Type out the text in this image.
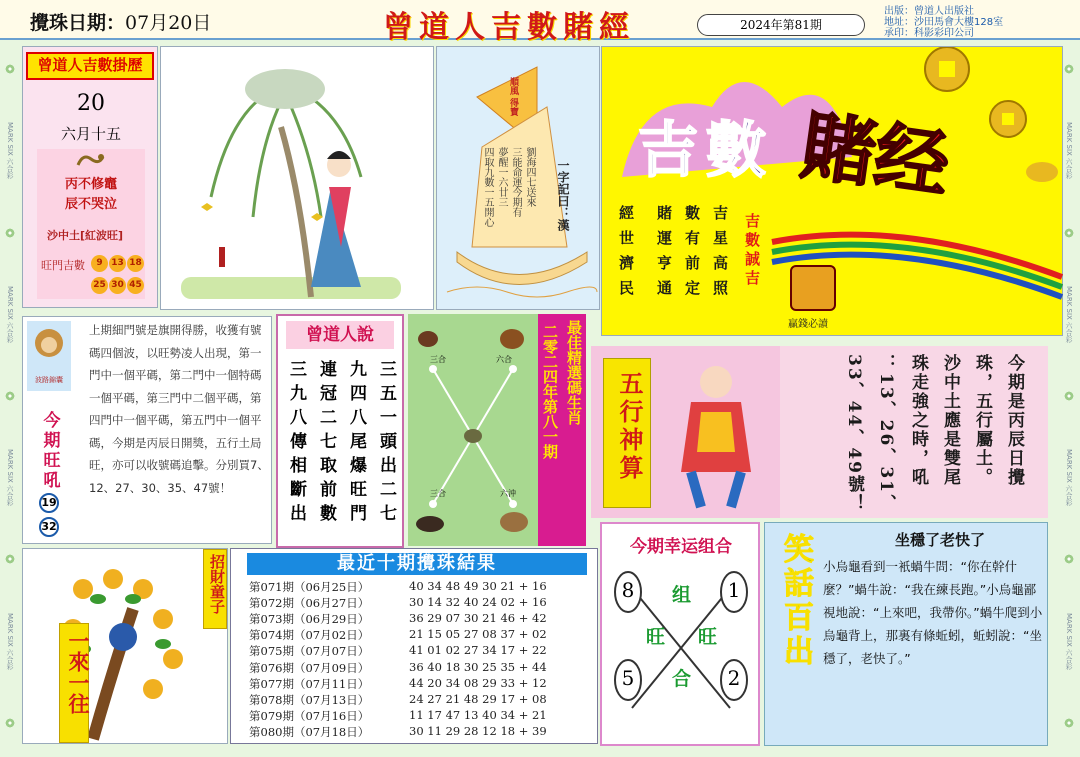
MARK SIX 六合彩
MARK SIX 六合彩
MARK SIX 六合彩
MARK SIX 六合彩
MARK SIX 六合彩
MARK SIX 六合彩
MARK SIX 六合彩
MARK SIX 六合彩
攪珠日期：07月20日	曾道人吉數賭經	2024年第81期
出版：曾道人出版社
地址：沙田馬會大樓128室
承印：科影彩印公司
曾道人吉數掛歷
20
六月十五
丙不修竈
辰不哭泣
沙中土[紅波旺]
旺門吉數	9 13 18
25 30 45
順風 得寶
四取九數一五開心 夢醒一六廿三 三能命運今期有 劉海四七送來 一字記曰：漢
吉數 賭经
吉星高照
數有前定
賭運亨通
經世濟民	吉數誠吉
贏錢必讀
波路錦囊
今期旺吼
19
32
上期細門號是旗開得勝，收獲有號碼四個波，以旺勢凌人出現，第一門中一個平碼，第二門中一個特碼一個平碼，第三門中二個平碼，第四門中一個平碼，第五門中一個平碼，今期是丙辰日開獎，五行土局旺，亦可以收號碼追擊。分別買7、12、27、30、35、47號！
曾道人說
三五一頭出二七
九四八尾爆旺門
連冠二七取前數
三九八傳相斷出
三合	六合
三合	六沖
最佳精選碼生肖
二零二四年第八一期 五行神算	今期是丙辰日攪
珠，五行屬土。
沙中土應是雙尾
珠走強之時，吼
：13、26、31、
33、44、49號！
招財童子
一來一往
最近十期攪珠結果
第071期（06月25日）	40 34 48 49 30 21 + 16
第072期（06月27日）	30 14 32 40 24 02 + 16
第073期（06月29日）	36 29 07 30 21 46 + 42
第074期（07月02日）	21 15 05 27 08 37 + 02
第075期（07月07日）	41 01 02 27 34 17 + 22
第076期（07月09日）	36 40 18 30 25 35 + 44
第077期（07月11日）	44 20 34 08 29 33 + 12
第078期（07月13日）	24 27 21 48 29 17 + 08
第079期（07月16日）	11 17 47 13 40 34 + 21
第080期（07月18日）	30 11 29 28 12 18 + 39
今期幸运组合
8	1
5	2
组
旺 旺
合
坐穩了老快了
笑話百出 小烏龜看到一衹蝸牛問：“你在幹什麼？”蝸牛說：“我在練長跑。”小烏龜鄙視地說：“上來吧，我帶你。”蝸牛爬到小烏龜背上，那裏有條蚯蚓，蚯蚓說：“坐穩了，老快了。”
